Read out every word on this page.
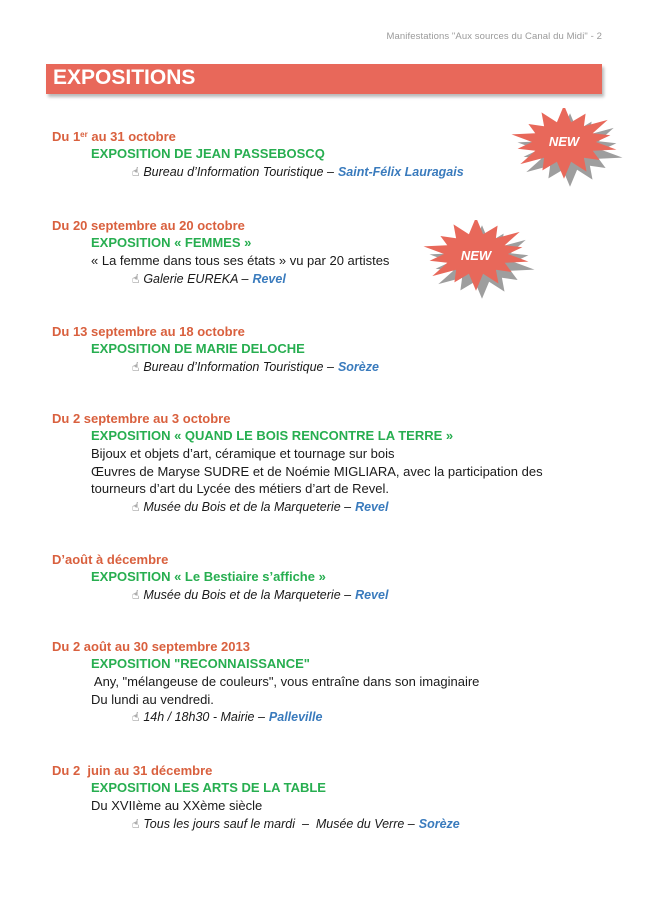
Manifestations "Aux sources du Canal du Midi" - 2
EXPOSITIONS
Du 1er au 31 octobre
EXPOSITION DE JEAN PASSEBOSCQ
☝ Bureau d’Information Touristique – Saint-Félix Lauragais
Du 20 septembre au 20 octobre
EXPOSITION « FEMMES »
« La femme dans tous ses états » vu par 20 artistes
☝ Galerie EUREKA – Revel
Du 13 septembre au 18 octobre
EXPOSITION DE MARIE DELOCHE
☝ Bureau d’Information Touristique – Sorèze
Du 2 septembre au 3 octobre
EXPOSITION « QUAND LE BOIS RENCONTRE LA TERRE »
Bijoux et objets d’art, céramique et tournage sur bois
Œuvres de Maryse SUDRE et de Noémie MIGLIARA, avec la participation des
tourneurs d’art du Lycée des métiers d’art de Revel.
☝ Musée du Bois et de la Marqueterie – Revel
D’août à décembre
EXPOSITION « Le Bestiaire s’affiche »
☝ Musée du Bois et de la Marqueterie – Revel
Du 2 août au 30 septembre 2013
EXPOSITION "RECONNAISSANCE"
Any, "mélangeuse de couleurs", vous entraîne dans son imaginaire
Du lundi au vendredi.
☝ 14h / 18h30 - Mairie – Palleville
Du 2  juin au 31 décembre
EXPOSITION LES ARTS DE LA TABLE
Du XVIIème au XXème siècle
☝ Tous les jours sauf le mardi  –  Musée du Verre – Sorèze
NEW
NEW
